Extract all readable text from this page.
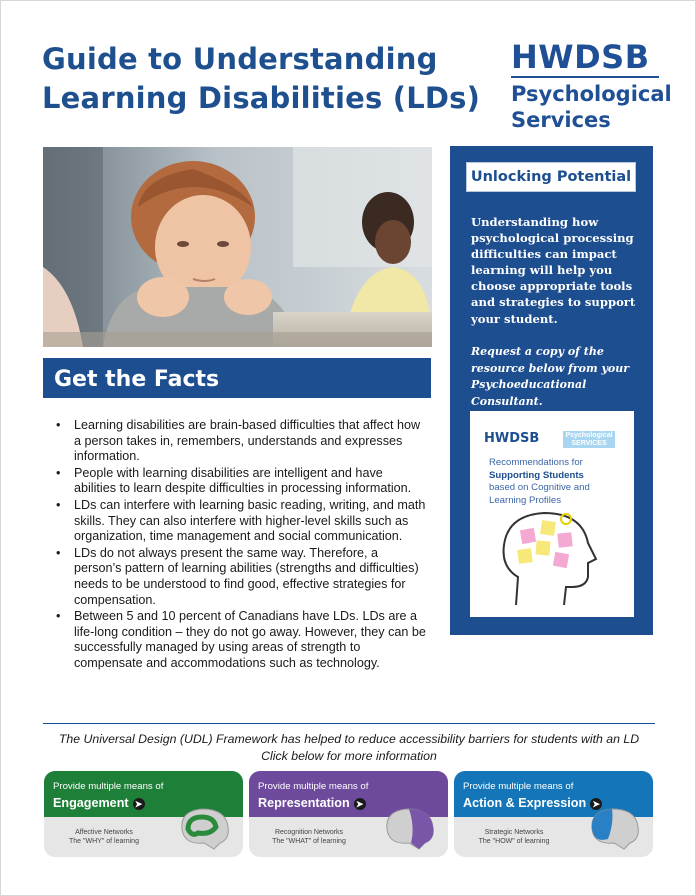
Guide to Understanding
Learning Disabilities (LDs)
HWDSB
Psychological
Services
Get the Facts
• Learning disabilities are brain-based difficulties that affect how a person takes in, remembers, understands and expresses information.
• People with learning disabilities are intelligent and have abilities to learn despite difficulties in processing information.
• LDs can interfere with learning basic reading, writing, and math skills. They can also interfere with higher-level skills such as organization, time management and social communication.
• LDs do not always present the same way. Therefore, a person’s pattern of learning abilities (strengths and difficulties) needs to be understood to find good, effective strategies for compensation.
• Between 5 and 10 percent of Canadians have LDs. LDs are a life-long condition – they do not go away. However, they can be successfully managed by using areas of strength to compensate and accommodations such as technology.
Unlocking Potential

Understanding how psychological processing difficulties can impact learning will help you choose appropriate tools and strategies to support your student.

Request a copy of the resource below from your Psychoeducational Consultant.

HWDSB	Psychological
SERVICES
Recommendations for
Supporting Students
based on Cognitive and
Learning Profiles

The Universal Design (UDL) Framework has helped to reduce accessibility barriers for students with an LD
Click below for more information

Provide multiple means of
Engagement ➤
Affective Networks
The "WHY" of learning
Provide multiple means of
Representation ➤
Recognition Networks
The "WHAT" of learning
Provide multiple means of
Action & Expression ➤
Strategic Networks
The "HOW" of learning
